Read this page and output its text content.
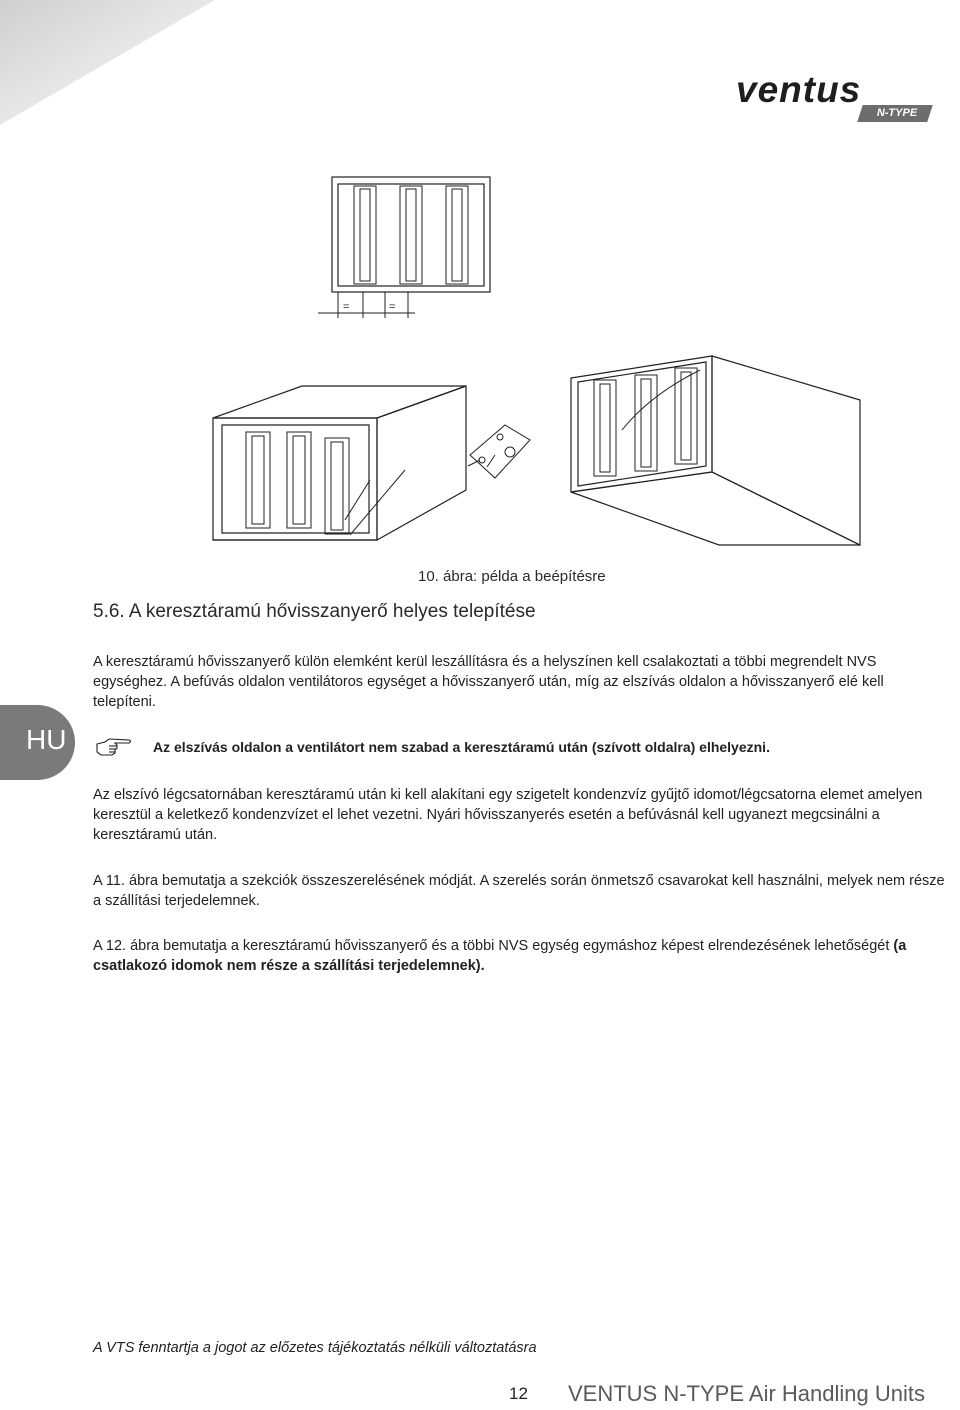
ventus
N-TYPE
=	=
10. ábra: példa a beépítésre
5.6. A keresztáramú hővisszanyerő helyes telepítése

A keresztáramú hővisszanyerő külön elemként kerül leszállításra és a helyszínen kell csalakoztati a többi megrendelt NVS egységhez. A befúvás oldalon ventilátoros egységet a hővisszanyerő után, míg az elszívás oldalon a hővisszanyerő elé kell telepíteni.

HU	Az elszívás oldalon a ventilátort nem szabad a keresztáramú után (szívott oldalra) elhelyezni.

Az elszívó légcsatornában keresztáramú után ki kell alakítani egy szigetelt kondenzvíz gyűjtő idomot/légcsatorna elemet amelyen keresztül a keletkező kondenzvízet el lehet vezetni. Nyári hővisszanyerés esetén a befúvásnál kell ugyanezt megcsinálni a keresztáramú után.

A 11. ábra bemutatja a szekciók összeszerelésének módját. A szerelés során önmetsző csavarokat kell használni, melyek nem része a szállítási terjedelemnek.

A 12. ábra bemutatja a keresztáramú hővisszanyerő és a többi NVS egység egymáshoz képest elrendezésének lehetőségét (a csatlakozó idomok nem része a szállítási terjedelemnek).

A VTS fenntartja a jogot az előzetes tájékoztatás nélküli változtatásra
12 VENTUS N-TYPE Air Handling Units
